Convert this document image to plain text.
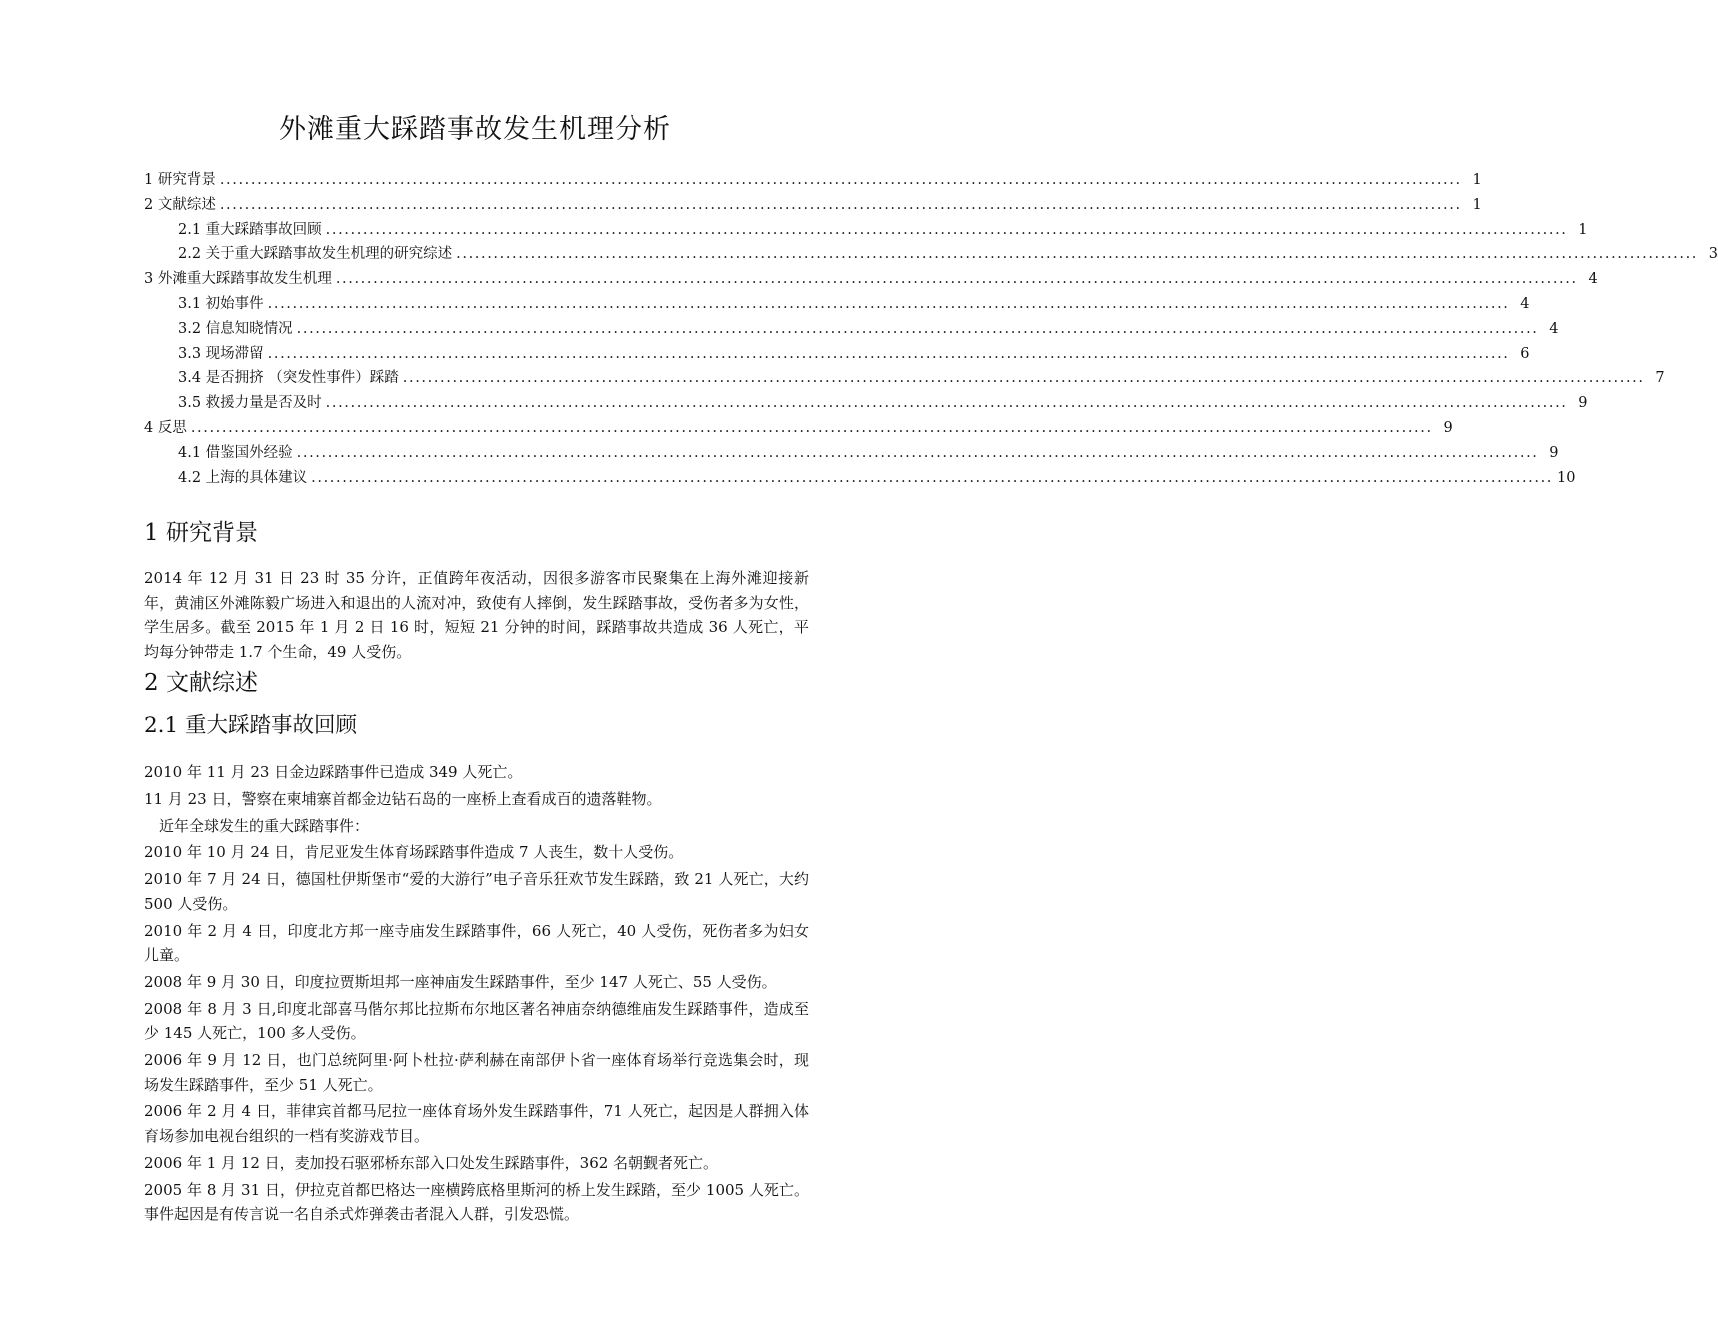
外滩重大踩踏事故发生机理分析
1 研究背景 ........................................................................................................................................................................................................ 1
2 文献综述 ........................................................................................................................................................................................................ 1
2.1 重大踩踏事故回顾 ........................................................................................................................................................................................................ 1
2.2 关于重大踩踏事故发生机理的研究综述 ........................................................................................................................................................................................................ 3
3 外滩重大踩踏事故发生机理 ........................................................................................................................................................................................................ 4
3.1 初始事件 ........................................................................................................................................................................................................ 4
3.2 信息知晓情况 ........................................................................................................................................................................................................ 4
3.3 现场滞留 ........................................................................................................................................................................................................ 6
3.4 是否拥挤 （突发性事件）踩踏 ........................................................................................................................................................................................................ 7
3.5 救援力量是否及时 ........................................................................................................................................................................................................ 9
4 反思 ........................................................................................................................................................................................................ 9
4.1 借鉴国外经验 ........................................................................................................................................................................................................ 9
4.2 上海的具体建议 ........................................................................................................................................................................................................ 10
1 研究背景
2014 年 12 月 31 日 23 时 35 分许，正值跨年夜活动，因很多游客市民聚集在上海外滩迎接新年，黄浦区外滩陈毅广场进入和退出的人流对冲，致使有人摔倒，发生踩踏事故，受伤者多为女性，学生居多。截至 2015 年 1 月 2 日 16 时，短短 21 分钟的时间，踩踏事故共造成 36 人死亡，平均每分钟带走 1.7 个生命，49 人受伤。
2 文献综述
2.1 重大踩踏事故回顾
2010 年 11 月 23 日金边踩踏事件已造成 349 人死亡。
11 月 23 日，警察在柬埔寨首都金边钻石岛的一座桥上查看成百的遗落鞋物。
近年全球发生的重大踩踏事件：
2010 年 10 月 24 日，肯尼亚发生体育场踩踏事件造成 7 人丧生，数十人受伤。
2010 年 7 月 24 日，德国杜伊斯堡市“爱的大游行”电子音乐狂欢节发生踩踏，致 21 人死亡，大约 500 人受伤。
2010 年 2 月 4 日，印度北方邦一座寺庙发生踩踏事件，66 人死亡，40 人受伤，死伤者多为妇女儿童。
2008 年 9 月 30 日，印度拉贾斯坦邦一座神庙发生踩踏事件，至少 147 人死亡、55 人受伤。
2008 年 8 月 3 日,印度北部喜马偕尔邦比拉斯布尔地区著名神庙奈纳德维庙发生踩踏事件，造成至少 145 人死亡，100 多人受伤。
2006 年 9 月 12 日，也门总统阿里·阿卜杜拉·萨利赫在南部伊卜省一座体育场举行竞选集会时，现场发生踩踏事件，至少 51 人死亡。
2006 年 2 月 4 日，菲律宾首都马尼拉一座体育场外发生踩踏事件，71 人死亡，起因是人群拥入体育场参加电视台组织的一档有奖游戏节目。
2006 年 1 月 12 日，麦加投石驱邪桥东部入口处发生踩踏事件，362 名朝觐者死亡。
2005 年 8 月 31 日，伊拉克首都巴格达一座横跨底格里斯河的桥上发生踩踏，至少 1005 人死亡。事件起因是有传言说一名自杀式炸弹袭击者混入人群，引发恐慌。
